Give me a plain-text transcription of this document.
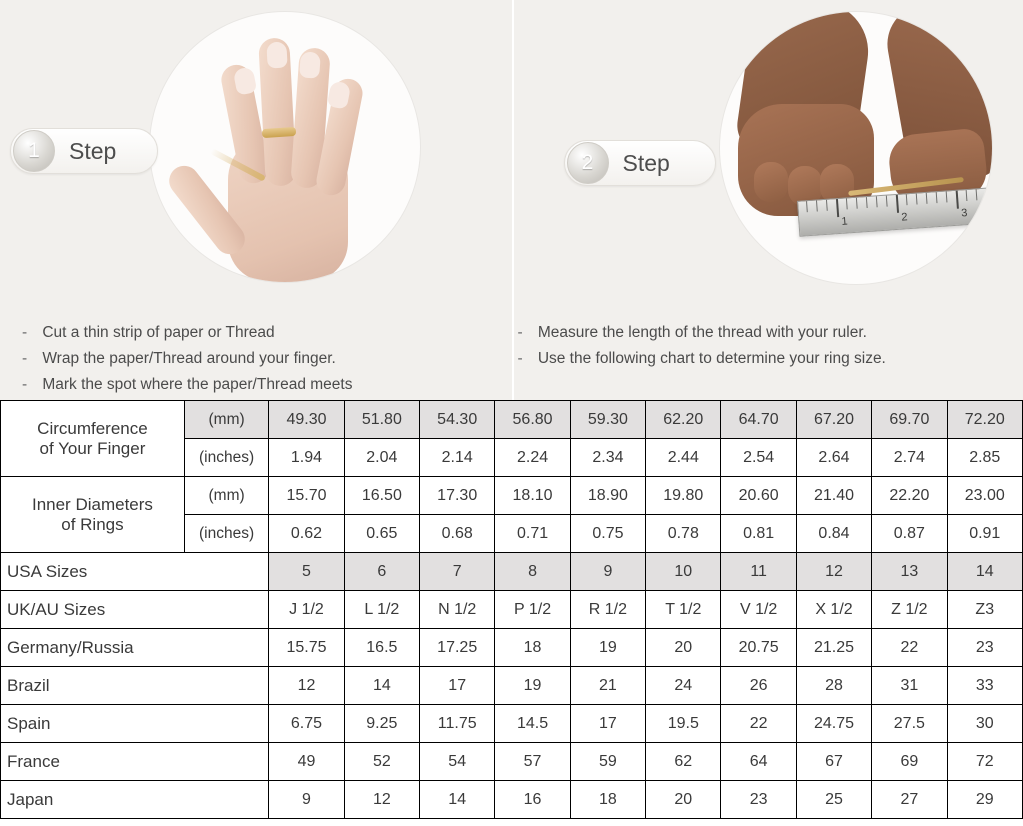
1	Step
- Cut a thin strip of paper or Thread
- Wrap the paper/Thread around your finger.
- Mark the spot where the paper/Thread meets
1	2	3
2	Step
- Measure the length of the thread with your ruler.
- Use the following chart to determine your ring size.
Circumference
of Your Finger	(mm)	49.30	51.80	54.30	56.80	59.30	62.20	64.70	67.20	69.70	72.20
	(inches)	1.94	2.04	2.14	2.24	2.34	2.44	2.54	2.64	2.74	2.85

Inner Diameters
of Rings	(mm)	15.70	16.50	17.30	18.10	18.90	19.80	20.60	21.40	22.20	23.00
	(inches)	0.62	0.65	0.68	0.71	0.75	0.78	0.81	0.84	0.87	0.91
USA Sizes		5	6	7	8	9	10	11	12	13	14
UK/AU Sizes		J 1/2	L 1/2	N 1/2	P 1/2	R 1/2	T 1/2	V 1/2	X 1/2	Z 1/2	Z3
Germany/Russia		15.75	16.5	17.25	18	19	20	20.75	21.25	22	23
Brazil		12	14	17	19	21	24	26	28	31	33
Spain		6.75	9.25	11.75	14.5	17	19.5	22	24.75	27.5	30
France		49	52	54	57	59	62	64	67	69	72
Japan		9	12	14	16	18	20	23	25	27	29
